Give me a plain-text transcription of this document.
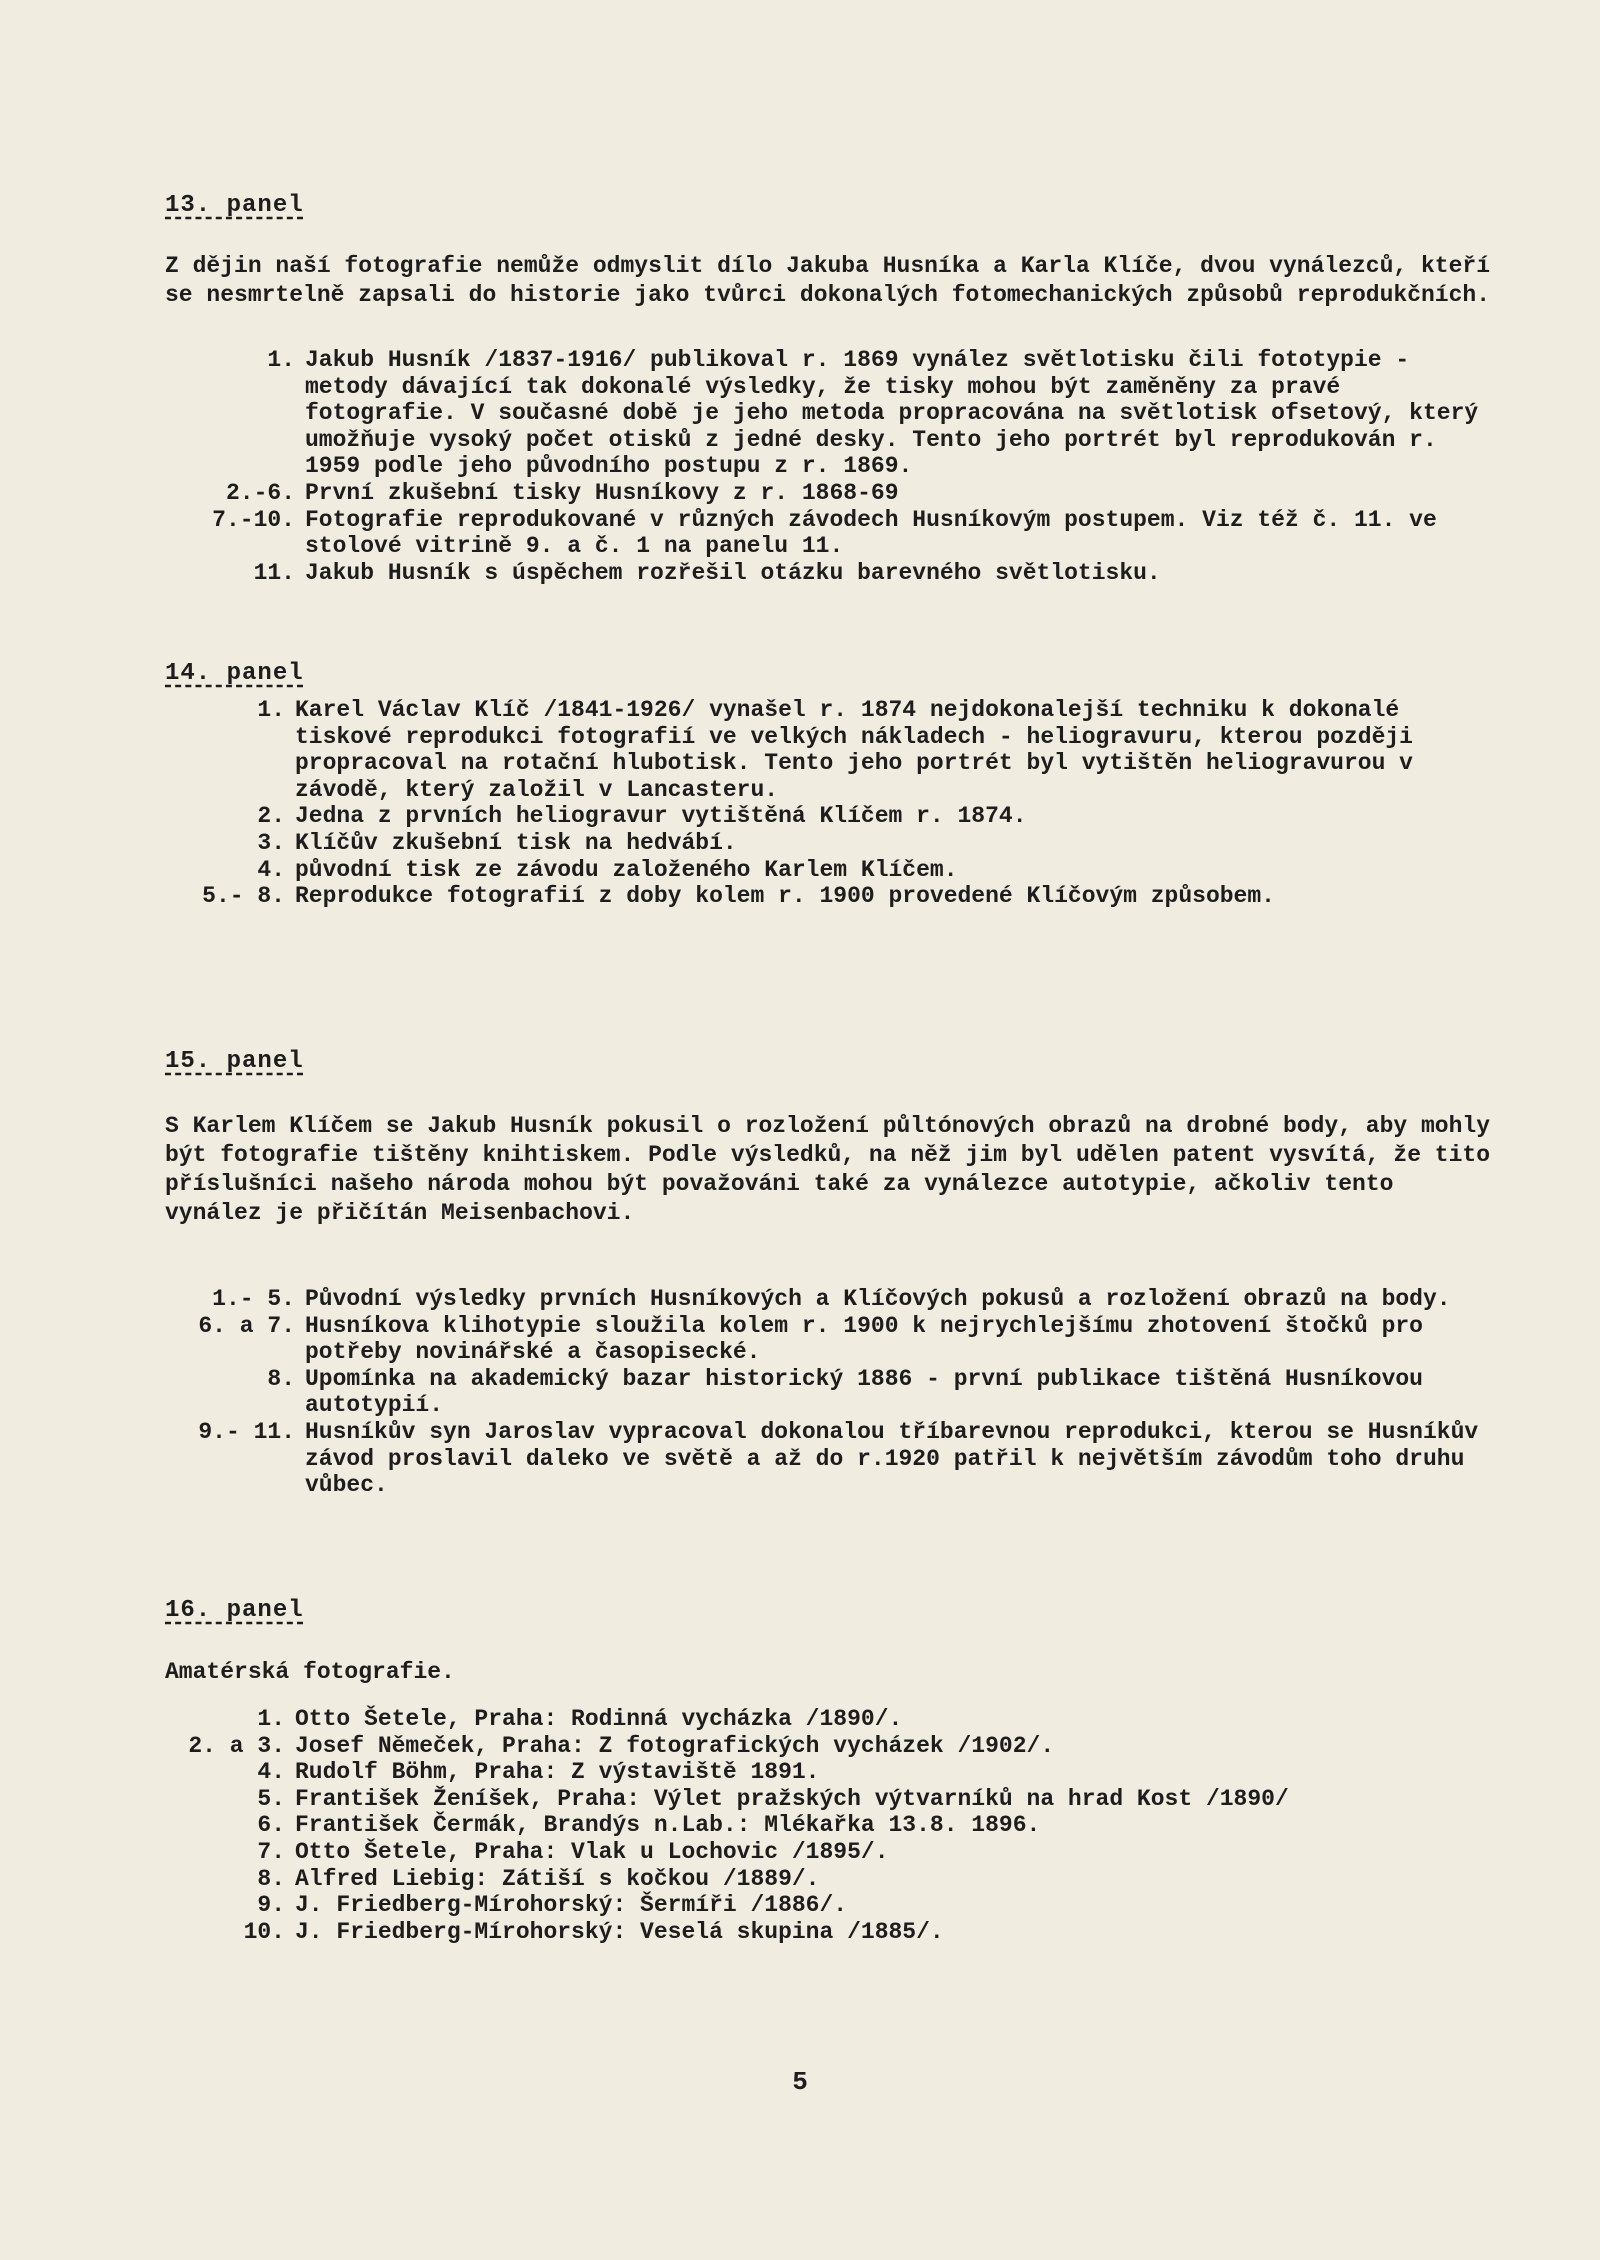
13. panel
Z dějin naší fotografie nemůže odmyslit dílo Jakuba Husníka a Karla Klíče, dvou vynálezců, kteří se nesmrtelně zapsali do historie jako tvůrci dokonalých fotomechanických způsobů reprodukčních.
1. Jakub Husník /1837-1916/ publikoval r. 1869 vynález světlotisku čili fototypie - metody dávající tak dokonalé výsledky, že tisky mohou být zaměněny za pravé fotografie. V současné době je jeho metoda propracována na světlotisk ofsetový, který umožňuje vysoký počet otisků z jedné desky. Tento jeho portrét byl reprodukován r. 1959 podle jeho původního postupu z r. 1869.
2.-6. První zkušební tisky Husníkovy z r. 1868-69
7.-10. Fotografie reprodukované v různých závodech Husníkovým postupem. Viz též č. 11. ve stolové vitrině 9. a č. 1 na panelu 11.
11. Jakub Husník s úspěchem rozřešil otázku barevného světlotisku.
14. panel
1. Karel Václav Klíč /1841-1926/ vynašel r. 1874 nejdokonalejší techniku k dokonalé tiskové reprodukci fotografií ve velkých nákladech - heliogravuru, kterou později propracoval na rotační hlubotisk. Tento jeho portrét byl vytištěn heliogravurou v závodě, který založil v Lancasteru.
2. Jedna z prvních heliogravur vytištěná Klíčem r. 1874.
3. Klíčův zkušební tisk na hedvábí.
4. původní tisk ze závodu založeného Karlem Klíčem.
5.- 8. Reprodukce fotografií z doby kolem r. 1900 provedené Klíčovým způsobem.
15. panel
S Karlem Klíčem se Jakub Husník pokusil o rozložení půltónových obrazů na drobné body, aby mohly být fotografie tištěny knihtiskem. Podle výsledků, na něž jim byl udělen patent vysvítá, že tito příslušníci našeho národa mohou být považováni také za vynálezce autotypie, ačkoliv tento vynález je přičítán Meisenbachovi.
1.- 5. Původní výsledky prvních Husníkových a Klíčových pokusů a rozložení obrazů na body.
6. a 7. Husníkova klihotypie sloužila kolem r. 1900 k nejrychlejšímu zhotovení štočků pro potřeby novinářské a časopisecké.
8. Upomínka na akademický bazar historický 1886 - první publikace tištěná Husníkovou autotypií.
9.- 11. Husníkův syn Jaroslav vypracoval dokonalou tříbarevnou reprodukci, kterou se Husníkův závod proslavil daleko ve světě a až do r.1920 patřil k největším závodům toho druhu vůbec.
16. panel
Amatérská fotografie.
1. Otto Šetele, Praha: Rodinná vycházka /1890/.
2. a 3. Josef Němeček, Praha: Z fotografických vycházek /1902/.
4. Rudolf Böhm, Praha: Z výstaviště 1891.
5. František Ženíšek, Praha: Výlet pražských výtvarníků na hrad Kost /1890/
6. František Čermák, Brandýs n.Lab.: Mlékařka 13.8. 1896.
7. Otto Šetele, Praha: Vlak u Lochovic /1895/.
8. Alfred Liebig: Zátiší s kočkou /1889/.
9. J. Friedberg-Mírohorský: Šermíři /1886/.
10. J. Friedberg-Mírohorský: Veselá skupina /1885/.
5
